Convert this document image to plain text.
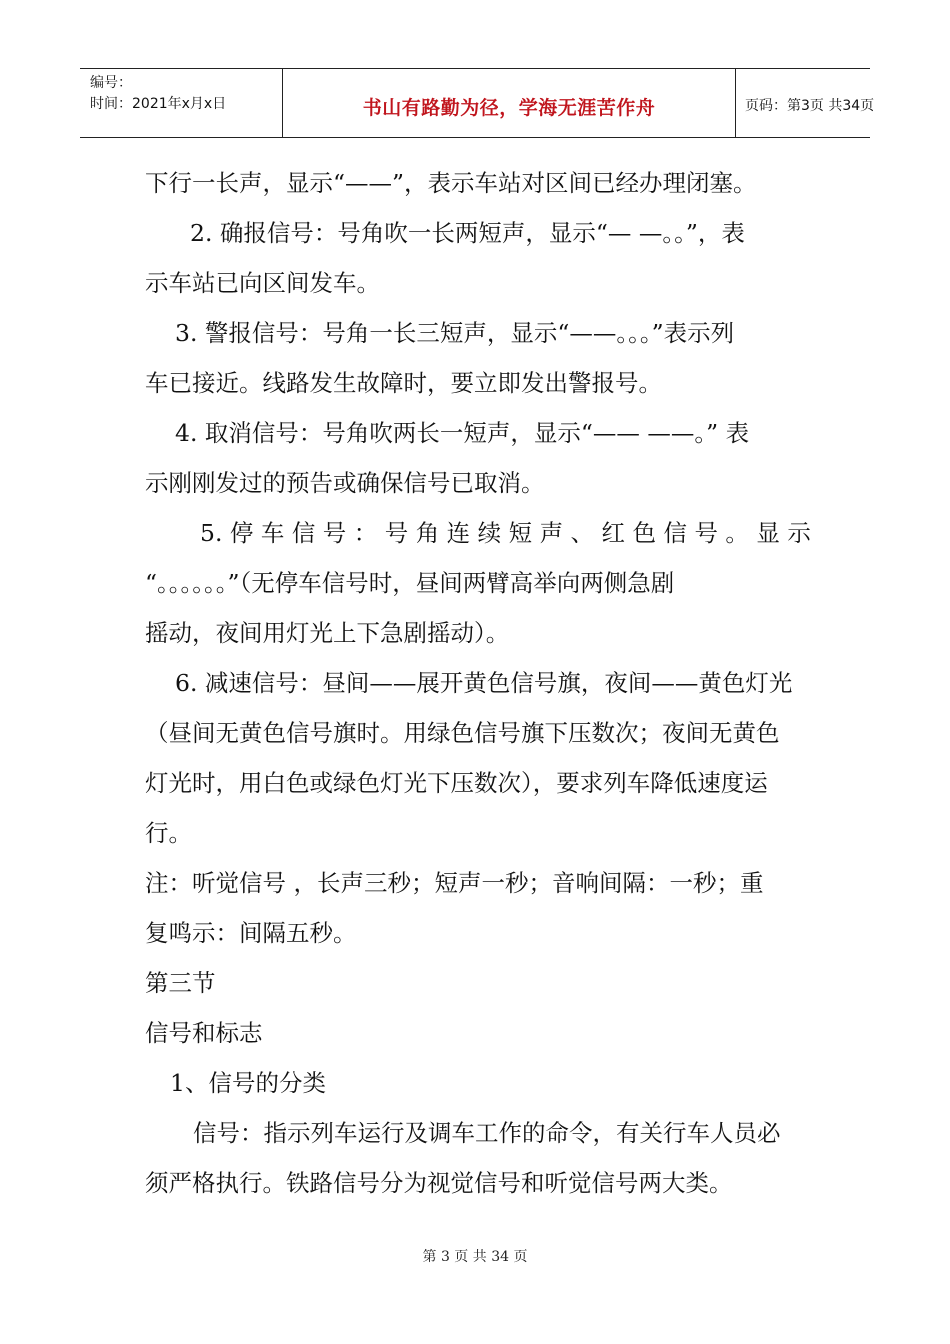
编号：
时间：2021年x月x日	书山有路勤为径，学海无涯苦作舟	页码：第3页 共34页
下行一长声，显示“——”，表示车站对区间已经办理闭塞。
2. 确报信号：号角吹一长两短声，显示“— —。。”，表
示车站已向区间发车。
3. 警报信号：号角一长三短声，显示“——。。。”表示列
车已接近。线路发生故障时，要立即发出警报号。
4. 取消信号：号角吹两长一短声，显示“—— ——。” 表
示刚刚发过的预告或确保信号已取消。
5. 停 车 信 号 ： 号 角 连 续 短 声 、 红 色 信 号 。 显 示
“。。。。。。”（无停车信号时，昼间两臂高举向两侧急剧
摇动，夜间用灯光上下急剧摇动）。
6. 减速信号：昼间——展开黄色信号旗，夜间——黄色灯光
（昼间无黄色信号旗时。用绿色信号旗下压数次；夜间无黄色
灯光时，用白色或绿色灯光下压数次），要求列车降低速度运
行。
注：听觉信号 ，长声三秒；短声一秒；音响间隔：一秒；重
复鸣示：间隔五秒。
第三节
信号和标志
1、信号的分类
信号：指示列车运行及调车工作的命令，有关行车人员必
须严格执行。铁路信号分为视觉信号和听觉信号两大类。
第 3 页 共 34 页
